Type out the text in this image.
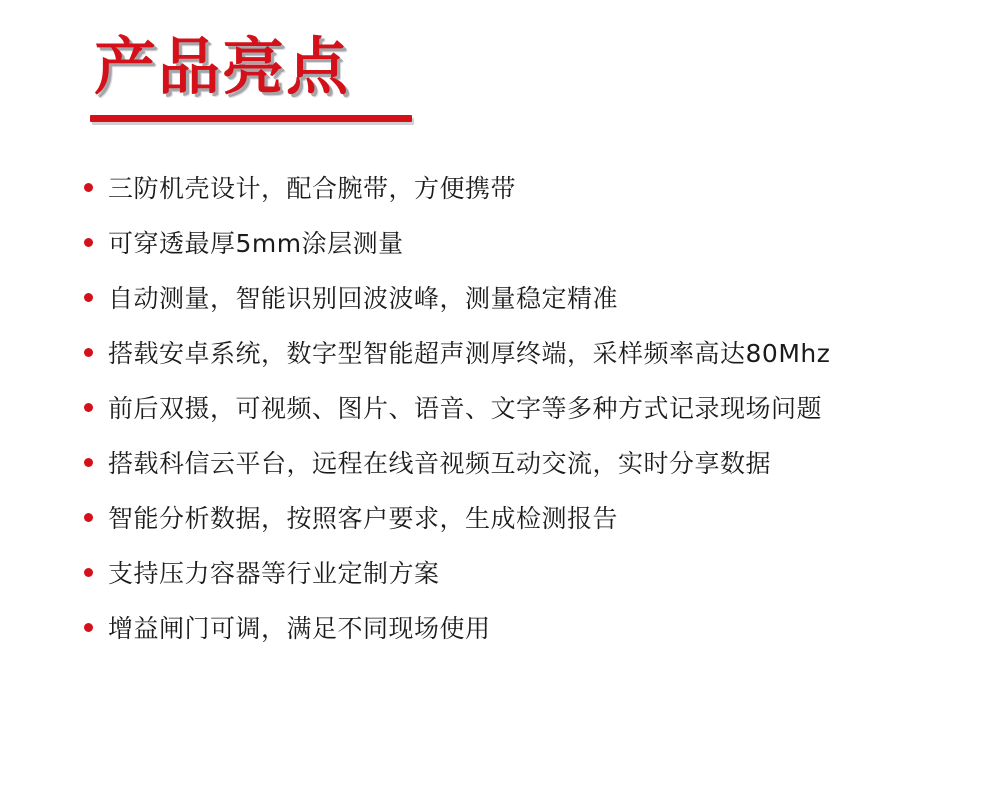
产品亮点
三防机壳设计，配合腕带，方便携带
可穿透最厚5mm涂层测量
自动测量，智能识别回波波峰，测量稳定精准
搭载安卓系统，数字型智能超声测厚终端，采样频率高达80Mhz
前后双摄，可视频、图片、语音、文字等多种方式记录现场问题
搭载科信云平台，远程在线音视频互动交流，实时分享数据
智能分析数据，按照客户要求，生成检测报告
支持压力容器等行业定制方案
增益闸门可调，满足不同现场使用
